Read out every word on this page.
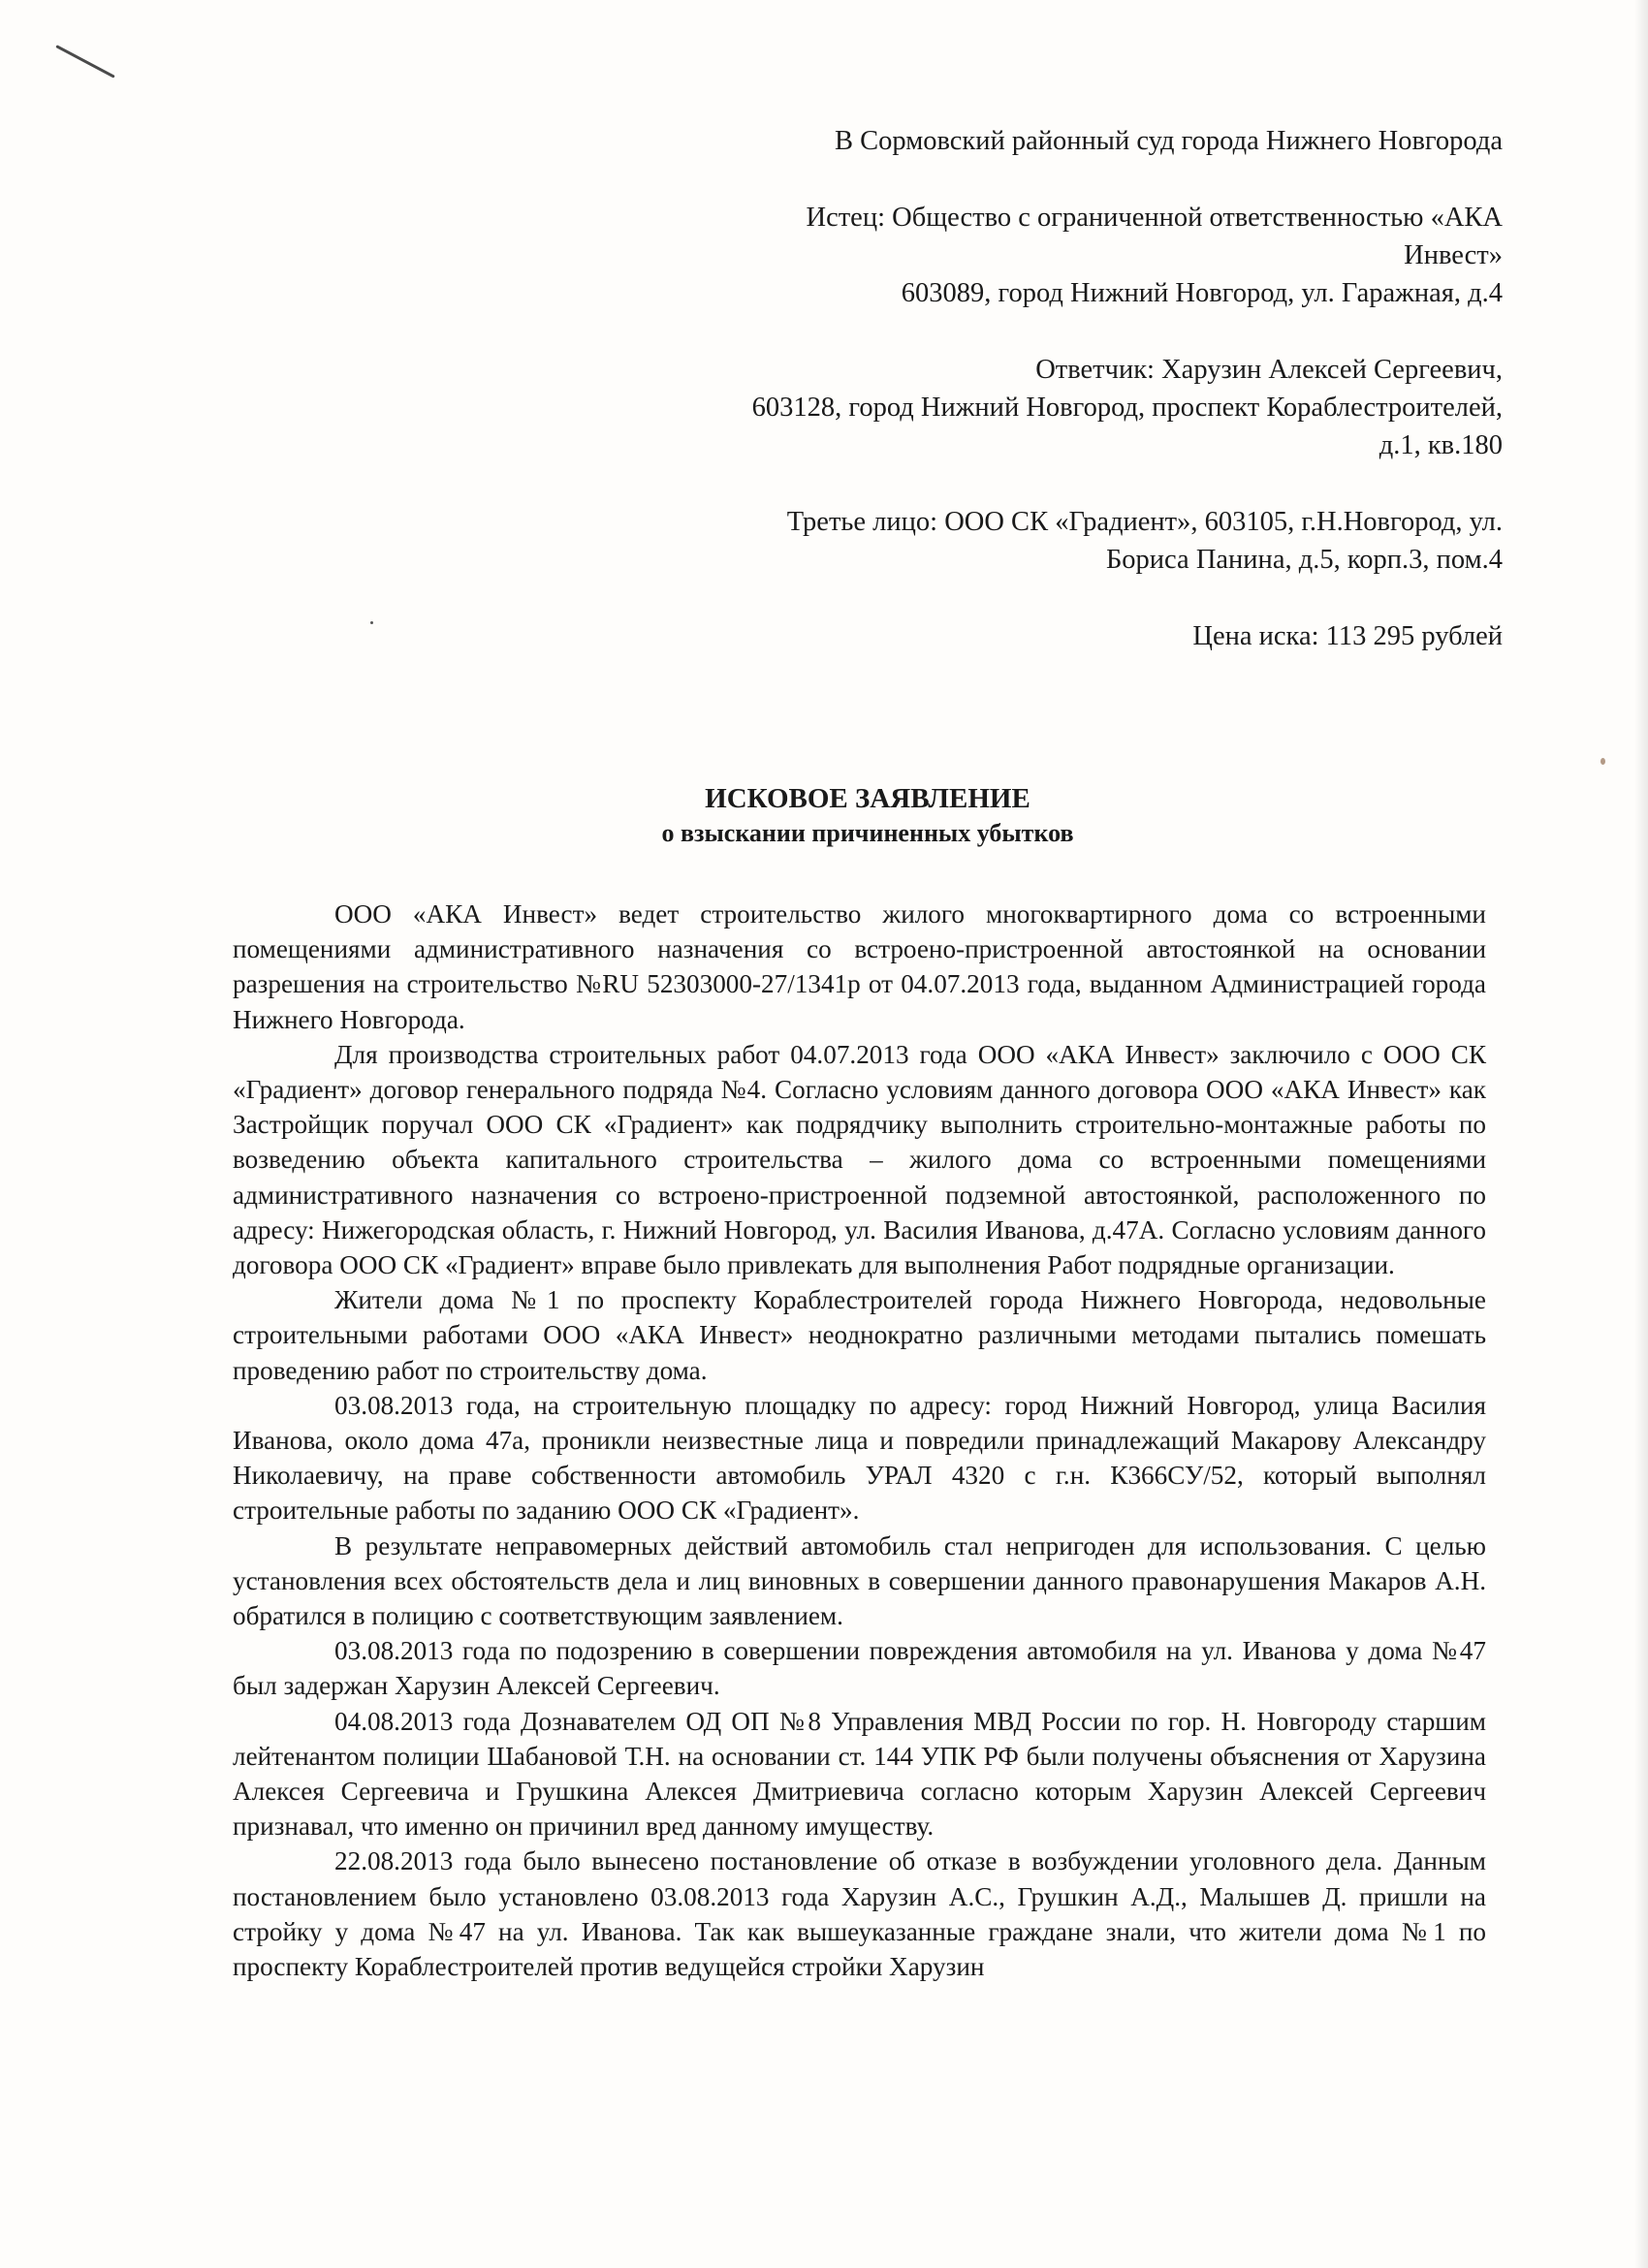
В Сормовский районный суд города Нижнего Новгорода

Истец: Общество с ограниченной ответственностью «АКА

Инвест»

603089, город Нижний Новгород, ул. Гаражная, д.4

Ответчик: Харузин Алексей Сергеевич,

603128, город Нижний Новгород, проспект Кораблестроителей,

д.1, кв.180

Третье лицо: ООО СК «Градиент», 603105, г.Н.Новгород, ул.

Бориса Панина, д.5, корп.3, пом.4

Цена иска: 113 295 рублей

ИСКОВОЕ ЗАЯВЛЕНИЕ

о взыскании причиненных убытков

ООО «АКА Инвест» ведет строительство жилого многоквартирного дома со встроенными помещениями административного назначения со встроено-пристроенной автостоянкой на основании разрешения на строительство №RU 52303000-27/1341р от 04.07.2013 года, выданном Администрацией города Нижнего Новгорода.

Для производства строительных работ 04.07.2013 года ООО «АКА Инвест» заключило с ООО СК «Градиент» договор генерального подряда №4. Согласно условиям данного договора ООО «АКА Инвест» как Застройщик поручал ООО СК «Градиент» как подрядчику выполнить строительно-монтажные работы по возведению объекта капитального строительства – жилого дома со встроенными помещениями административного назначения со встроено-пристроенной подземной автостоянкой, расположенного по адресу: Нижегородская область, г. Нижний Новгород, ул. Василия Иванова, д.47А. Согласно условиям данного договора ООО СК «Градиент» вправе было привлекать для выполнения Работ подрядные организации.

Жители дома №1 по проспекту Кораблестроителей города Нижнего Новгорода, недовольные строительными работами ООО «АКА Инвест» неоднократно различными методами пытались помешать проведению работ по строительству дома.

03.08.2013 года, на строительную площадку по адресу: город Нижний Новгород, улица Василия Иванова, около дома 47а, проникли неизвестные лица и повредили принадлежащий Макарову Александру Николаевичу, на праве собственности автомобиль УРАЛ 4320 с г.н. К366СУ/52, который выполнял строительные работы по заданию ООО СК «Градиент».

В результате неправомерных действий автомобиль стал непригоден для использования. С целью установления всех обстоятельств дела и лиц виновных в совершении данного правонарушения Макаров А.Н. обратился в полицию с соответствующим заявлением.

03.08.2013 года по подозрению в совершении повреждения автомобиля на ул. Иванова у дома №47 был задержан Харузин Алексей Сергеевич.

04.08.2013 года Дознавателем ОД ОП №8 Управления МВД России по гор. Н. Новгороду старшим лейтенантом полиции Шабановой Т.Н. на основании ст. 144 УПК РФ были получены объяснения от Харузина Алексея Сергеевича и Грушкина Алексея Дмитриевича согласно которым Харузин Алексей Сергеевич признавал, что именно он причинил вред данному имуществу.

22.08.2013 года было вынесено постановление об отказе в возбуждении уголовного дела. Данным постановлением было установлено 03.08.2013 года Харузин А.С., Грушкин А.Д., Малышев Д. пришли на стройку у дома №47 на ул. Иванова. Так как вышеуказанные граждане знали, что жители дома №1 по проспекту Кораблестроителей против ведущейся стройки Харузин
